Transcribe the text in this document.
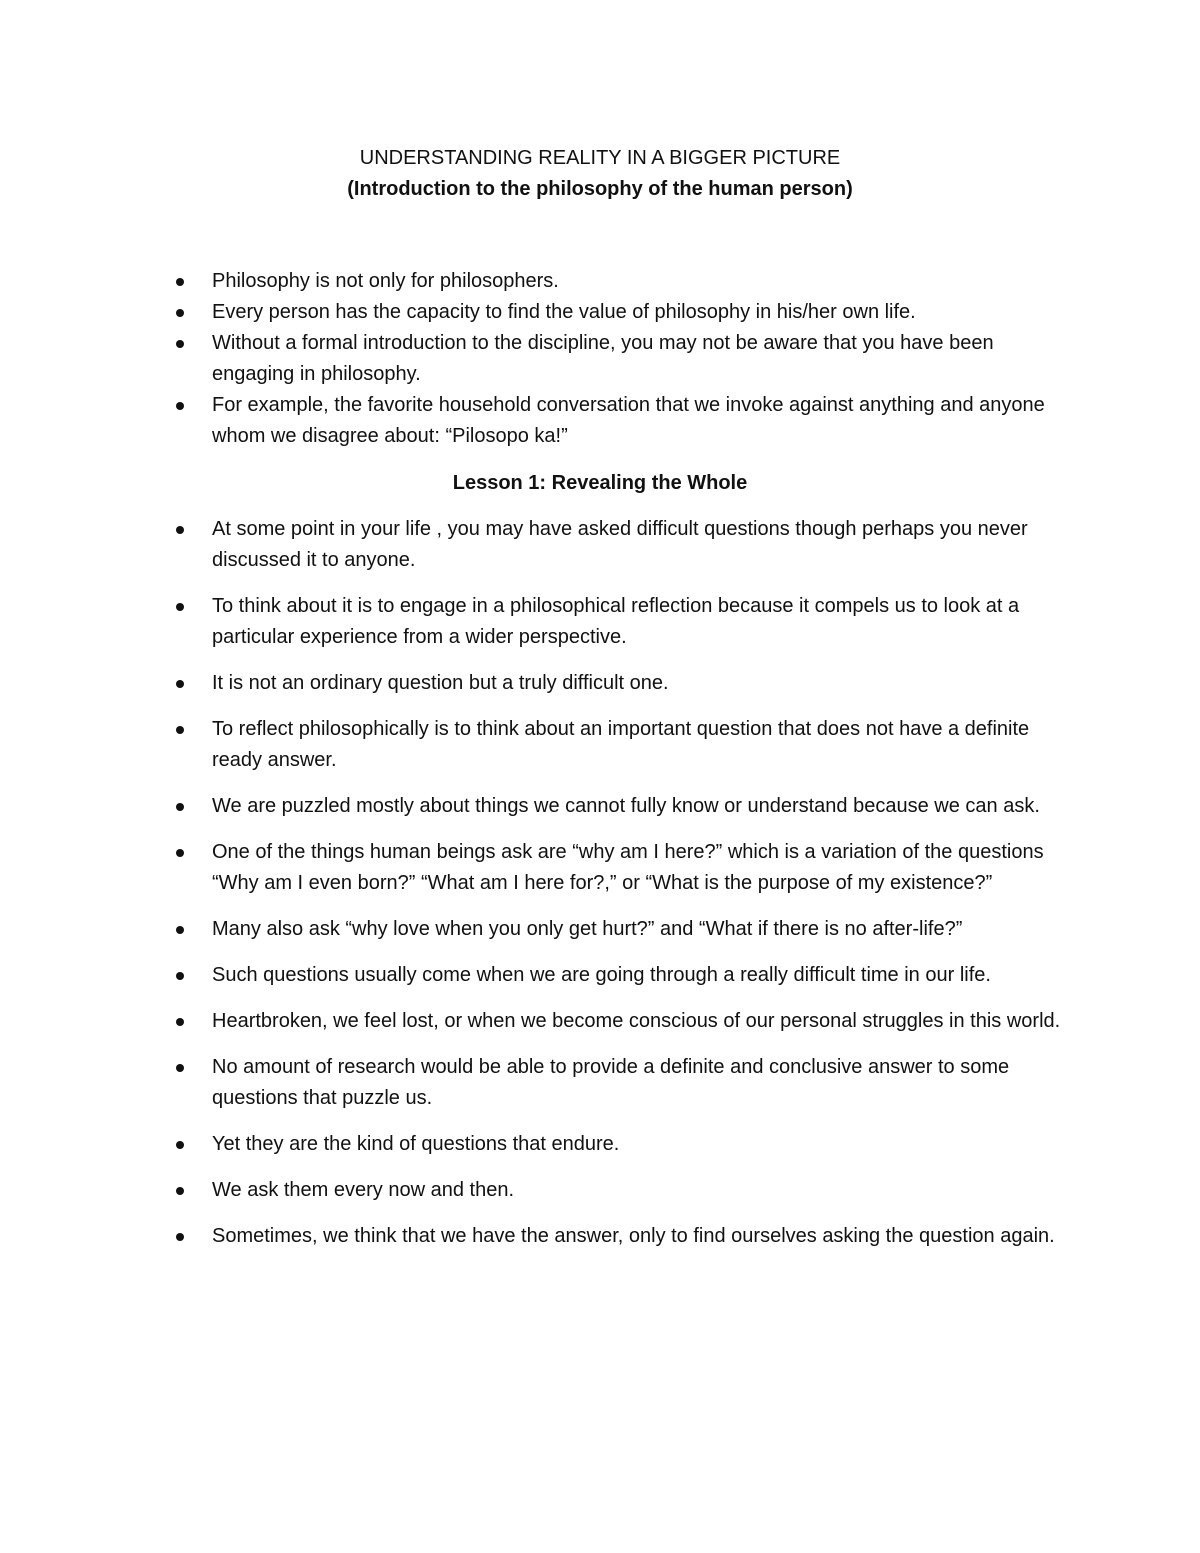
UNDERSTANDING REALITY IN A BIGGER PICTURE
(Introduction to the philosophy of the human person)
Philosophy is not only for philosophers.
Every person has the capacity to find the value of philosophy in his/her own life.
Without a formal introduction to the discipline, you may not be aware that you have been engaging in philosophy.
For example, the favorite household conversation that we invoke against anything and anyone whom we disagree about: “Pilosopo ka!”
Lesson 1: Revealing the Whole
At some point in your life , you may have asked difficult questions though perhaps you never discussed it to anyone.
To think about it is to engage in a philosophical reflection because it compels us to look at a particular experience from a wider perspective.
It is not an ordinary question but a truly difficult one.
To reflect philosophically is to think about an important question that does not have a definite ready answer.
We are puzzled mostly about things we cannot fully know or understand because we can ask.
One of the things human beings ask are “why am I here?” which is a variation of the questions “Why am I even born?” “What am I here for?,” or “What is the purpose of my existence?”
Many also ask “why love when you only get hurt?” and “What if there is no after-life?”
Such questions usually come when we are going through a really difficult time in our life.
Heartbroken, we feel lost, or when we become conscious of our personal struggles in this world.
No amount of research would be able to provide a definite and conclusive answer to some questions that puzzle us.
Yet they are the kind of questions that endure.
We ask them every now and then.
Sometimes, we think that we have the answer, only to find ourselves asking the question again.
